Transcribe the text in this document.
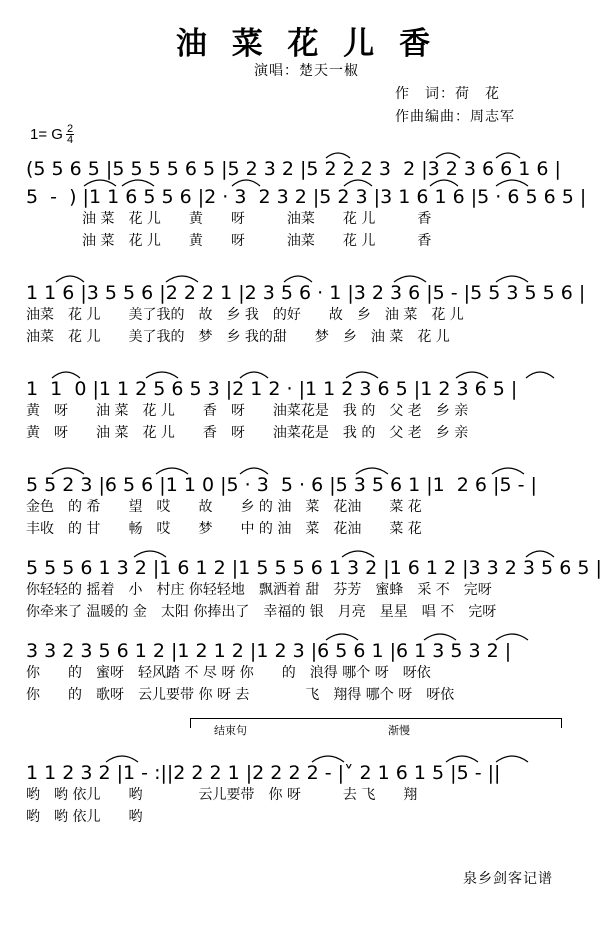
油 菜 花 儿 香
演唱：楚天一椒
作　词：荷　花
作曲编曲：周志军
1= G $\frac{2}{4}$
(5 5 6 5 |5 5 5 5 6 5 |5 2 3 2 |5 2 2 2 3  2 |3 2 3 6 6 1 6 |
5  -  ) |1 1 6 5 5 6 |2 · 3  2 3 2 |5 2 3 |3 1 6 1 6 |5 · 6 5 6 5 |
　　　　油 菜　花 儿　　黄　　呀　　　油菜　　花 儿　　　香
　　　　油 菜　花 儿　　黄　　呀　　　油菜　　花 儿　　　香
1 1 6 |3 5 5 6 |2 2 2 1 |2 3 5 6 · 1 |3 2 3 6 |5 - |5 5 3 5 5 6 |
油菜　花 儿　　美了我的　故　乡 我　的好　　故　乡　油 菜　花 儿
油菜　花 儿　　美了我的　梦　乡 我的甜　　梦　乡　油 菜　花 儿
1  1  0 |1 1 2 5 6 5 3 |2 1 2 · |1 1 2 3 6 5 |1 2 3 6 5 |
黄　呀　　油 菜　花 儿　　香　呀　　油菜花是　我 的　父 老　乡 亲
黄　呀　　油 菜　花 儿　　香　呀　　油菜花是　我 的　父 老　乡 亲
5 5 2 3 |6 5 6 |1 1 0 |5 · 3  5 · 6 |5 3 5 6 1 |1  2 6 |5 - |
金色　的 希　　望　哎　　故　　乡 的 油　菜　花油　　菜 花
丰收　的 甘　　畅　哎　　梦　　中 的 油　菜　花油　　菜 花
5 5 5 6 1 3 2 |1 6 1 2 |1 5 5 5 6 1 3 2 |1 6 1 2 |3 3 2 3 5 6 5 |
你轻轻的 摇着　小　村庄 你轻轻地　飘洒着 甜　芬芳　蜜蜂　采 不　完呀
你牵来了 温暖的 金　太阳 你捧出了　幸福的 银　月亮　星星　唱 不　完呀
3 3 2 3 5 6 1 2 |1 2 1 2 |1 2 3 |6 5 6 1 |6 1 3 5 3 2 |
你　　的　蜜呀　轻风踏 不 尽 呀 你　　的　浪得 哪个 呀　呀依
你　　的　歌呀　云儿要带 你 呀 去　　　　飞　翔得 哪个 呀　呀依
结束句	渐慢
1 1 2 3 2 |1 - :||2 2 2 1 |2 2 2 2 - |˅ 2 1 6 1 5 |5 - ||
哟　哟 依儿　　哟　　　　云儿要带　你 呀　　　去 飞　　翔
哟　哟 依儿　　哟
泉乡剑客记谱
